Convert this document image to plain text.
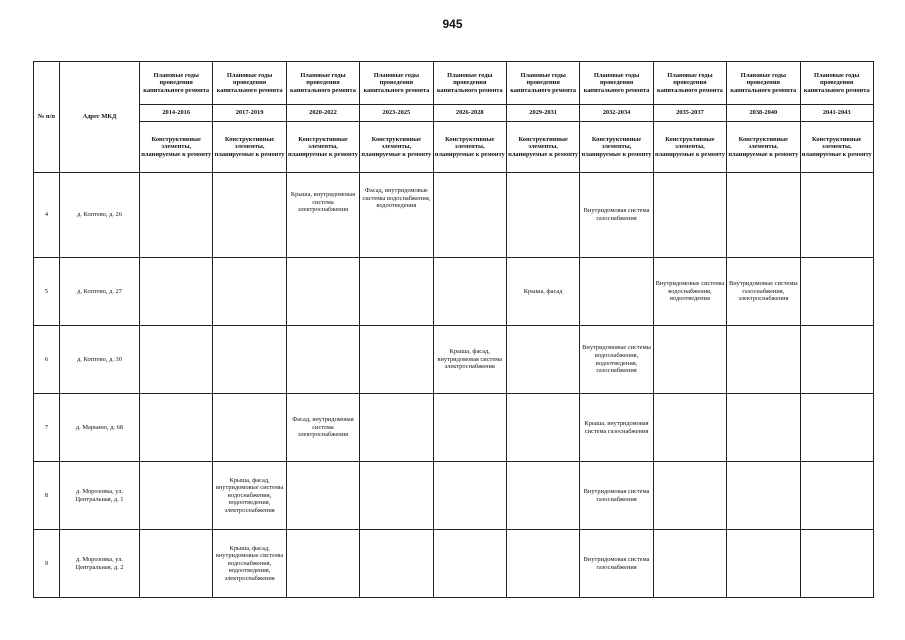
945
№ п/п	Адрес МКД	Плановые годы проведения капитального ремонта	Плановые годы проведения капитального ремонта	Плановые годы проведения капитального ремонта	Плановые годы проведения капитального ремонта	Плановые годы проведения капитального ремонта	Плановые годы проведения капитального ремонта	Плановые годы проведения капитального ремонта	Плановые годы проведения капитального ремонта	Плановые годы проведения капитального ремонта	Плановые годы проведения капитального ремонта
		2014-2016	2017-2019	2020-2022	2023-2025	2026-2028	2029-2031	2032-2034	2035-2037	2038-2040	2041-2043
		Конструктивные элементы, планируемые к ремонту	Конструктивные элементы, планируемые к ремонту	Конструктивные элементы, планируемые к ремонту	Конструктивные элементы, планируемые к ремонту	Конструктивные элементы, планируемые к ремонту	Конструктивные элементы, планируемые к ремонту	Конструктивные элементы, планируемые к ремонту	Конструктивные элементы, планируемые к ремонту	Конструктивные элементы, планируемые к ремонту	Конструктивные элементы, планируемые к ремонту
4	д. Коптево, д. 26			Крыша, внутридомовая система электроснабжения	Фасад, внутридомовые системы водоснабжения, водоотведения			Внутридомовая система газоснабжения			
5	д. Коптево, д. 27						Крыша, фасад		Внутридомовые системы водоснабжения, водоотведения	Внутридомовые системы газоснабжения, электроснабжения	
6	д. Коптево, д. 30					Крыша, фасад, внутридомовая система электроснабжения		Внутридомовые системы водоснабжения, водоотведения, газоснабжения			
7	д. Марьино, д. 68			Фасад, внутридомовая система электроснабжения				Крыша, внутридомовая система газоснабжения			
8	д. Морозовка, ул. Центральная, д. 1		Крыша, фасад, внутридомовые системы водоснабжения, водоотведения, электроснабжения					Внутридомовая система газоснабжения			
9	д. Морозовка, ул. Центральная, д. 2		Крыша, фасад, внутридомовые системы водоснабжения, водоотведения, электроснабжения					Внутридомовая система газоснабжения			
